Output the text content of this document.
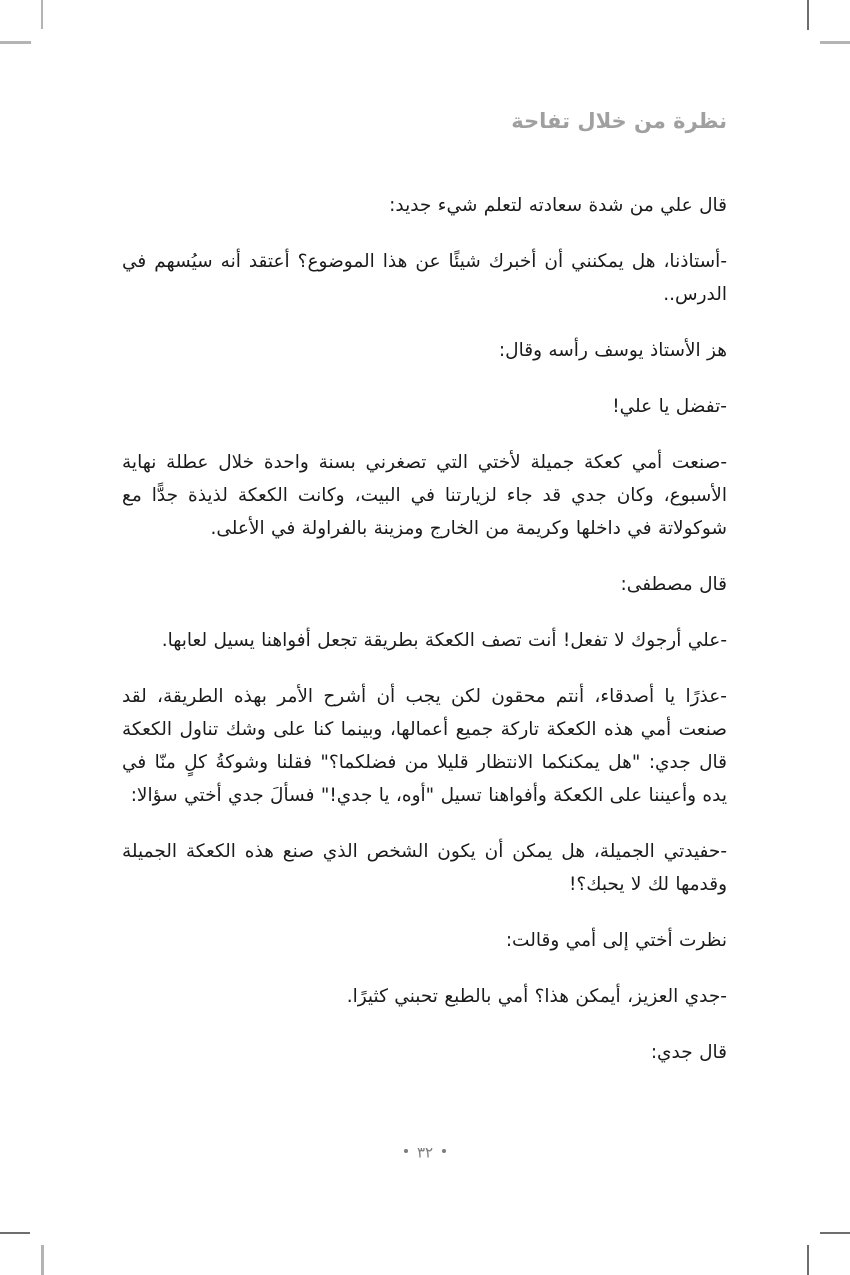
نظرة من خلال تفاحة

قال علي من شدة سعادته لتعلم شيء جديد:

-أستاذنا، هل يمكنني أن أخبرك شيئًا عن هذا الموضوع؟ أعتقد أنه سيُسهم في الدرس..

هز الأستاذ يوسف رأسه وقال:

-تفضل يا علي!

-صنعت أمي كعكة جميلة لأختي التي تصغرني بسنة واحدة خلال عطلة نهاية الأسبوع، وكان جدي قد جاء لزيارتنا في البيت، وكانت الكعكة لذيذة جدًّا مع شوكولاتة في داخلها وكريمة من الخارج ومزينة بالفراولة في الأعلى.

قال مصطفى:

-علي أرجوك لا تفعل! أنت تصف الكعكة بطريقة تجعل أفواهنا يسيل لعابها.

-عذرًا يا أصدقاء، أنتم محقون لكن يجب أن أشرح الأمر بهذه الطريقة، لقد صنعت أمي هذه الكعكة تاركة جميع أعمالها، وبينما كنا على وشك تناول الكعكة قال جدي: "هل يمكنكما الانتظار قليلا من فضلكما؟" فقلنا وشوكةُ كلٍ منّا في يده وأعيننا على الكعكة وأفواهنا تسيل "أوه، يا جدي!" فسألَ جدي أختي سؤالا:

-حفيدتي الجميلة، هل يمكن أن يكون الشخص الذي صنع هذه الكعكة الجميلة وقدمها لك لا يحبك؟!

نظرت أختي إلى أمي وقالت:

-جدي العزيز، أيمكن هذا؟ أمي بالطبع تحبني كثيرًا.

قال جدي:

٣٢
